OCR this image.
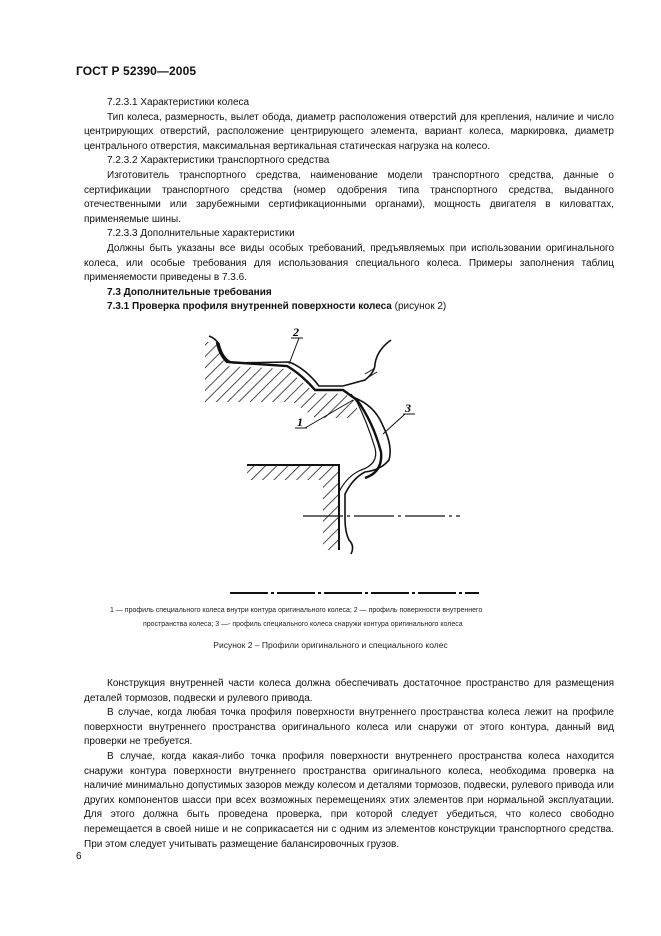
ГОСТ Р 52390—2005

7.2.3.1 Характеристики колеса

Тип колеса, размерность, вылет обода, диаметр расположения отверстий для крепления, наличие и число центрирующих отверстий, расположение центрирующего элемента, вариант колеса, маркировка, диаметр центрального отверстия, максимальная вертикальная статическая нагрузка на колесо.

7.2.3.2 Характеристики транспортного средства

Изготовитель транспортного средства, наименование модели транспортного средства, данные о сертификации транспортного средства (номер одобрения типа транспортного средства, выданного отечественными или зарубежными сертификационными органами), мощность двигателя в киловаттах, применяемые шины.

7.2.3.3 Дополнительные характеристики

Должны быть указаны все виды особых требований, предъявляемых при использовании оригинального колеса, или особые требования для использования специального колеса. Примеры заполнения таблиц применяемости приведены в 7.3.6.

7.3 Дополнительные требования

7.3.1 Проверка профиля внутренней поверхности колеса (рисунок 2)

2
1
3
1 — профиль специального колеса внутри контура оригинального колеса; 2 — профиль поверхности внутреннего
пространства колеса; 3 —- профиль специального колеса снаружи контура оригинального колеса
Рисунок 2 – Профили оригинального и специального колес

Конструкция внутренней части колеса должна обеспечивать достаточное пространство для размещения деталей тормозов, подвески и рулевого привода.

В случае, когда любая точка профиля поверхности внутреннего пространства колеса лежит на профиле поверхности внутреннего пространства оригинального колеса или снаружи от этого контура, данный вид проверки не требуется.

В случае, когда какая-либо точка профиля поверхности внутреннего пространства колеса находится снаружи контура поверхности внутреннего пространства оригинального колеса, необходима проверка на наличие минимально допустимых зазоров между колесом и деталями тормозов, подвески, рулевого привода или других компонентов шасси при всех возможных перемещениях этих элементов при нормальной эксплуатации. Для этого должна быть проведена проверка, при которой следует убедиться, что колесо свободно перемещается в своей нише и не соприкасается ни с одним из элементов конструкции транспортного средства. При этом следует учитывать размещение балансировочных грузов.

6
